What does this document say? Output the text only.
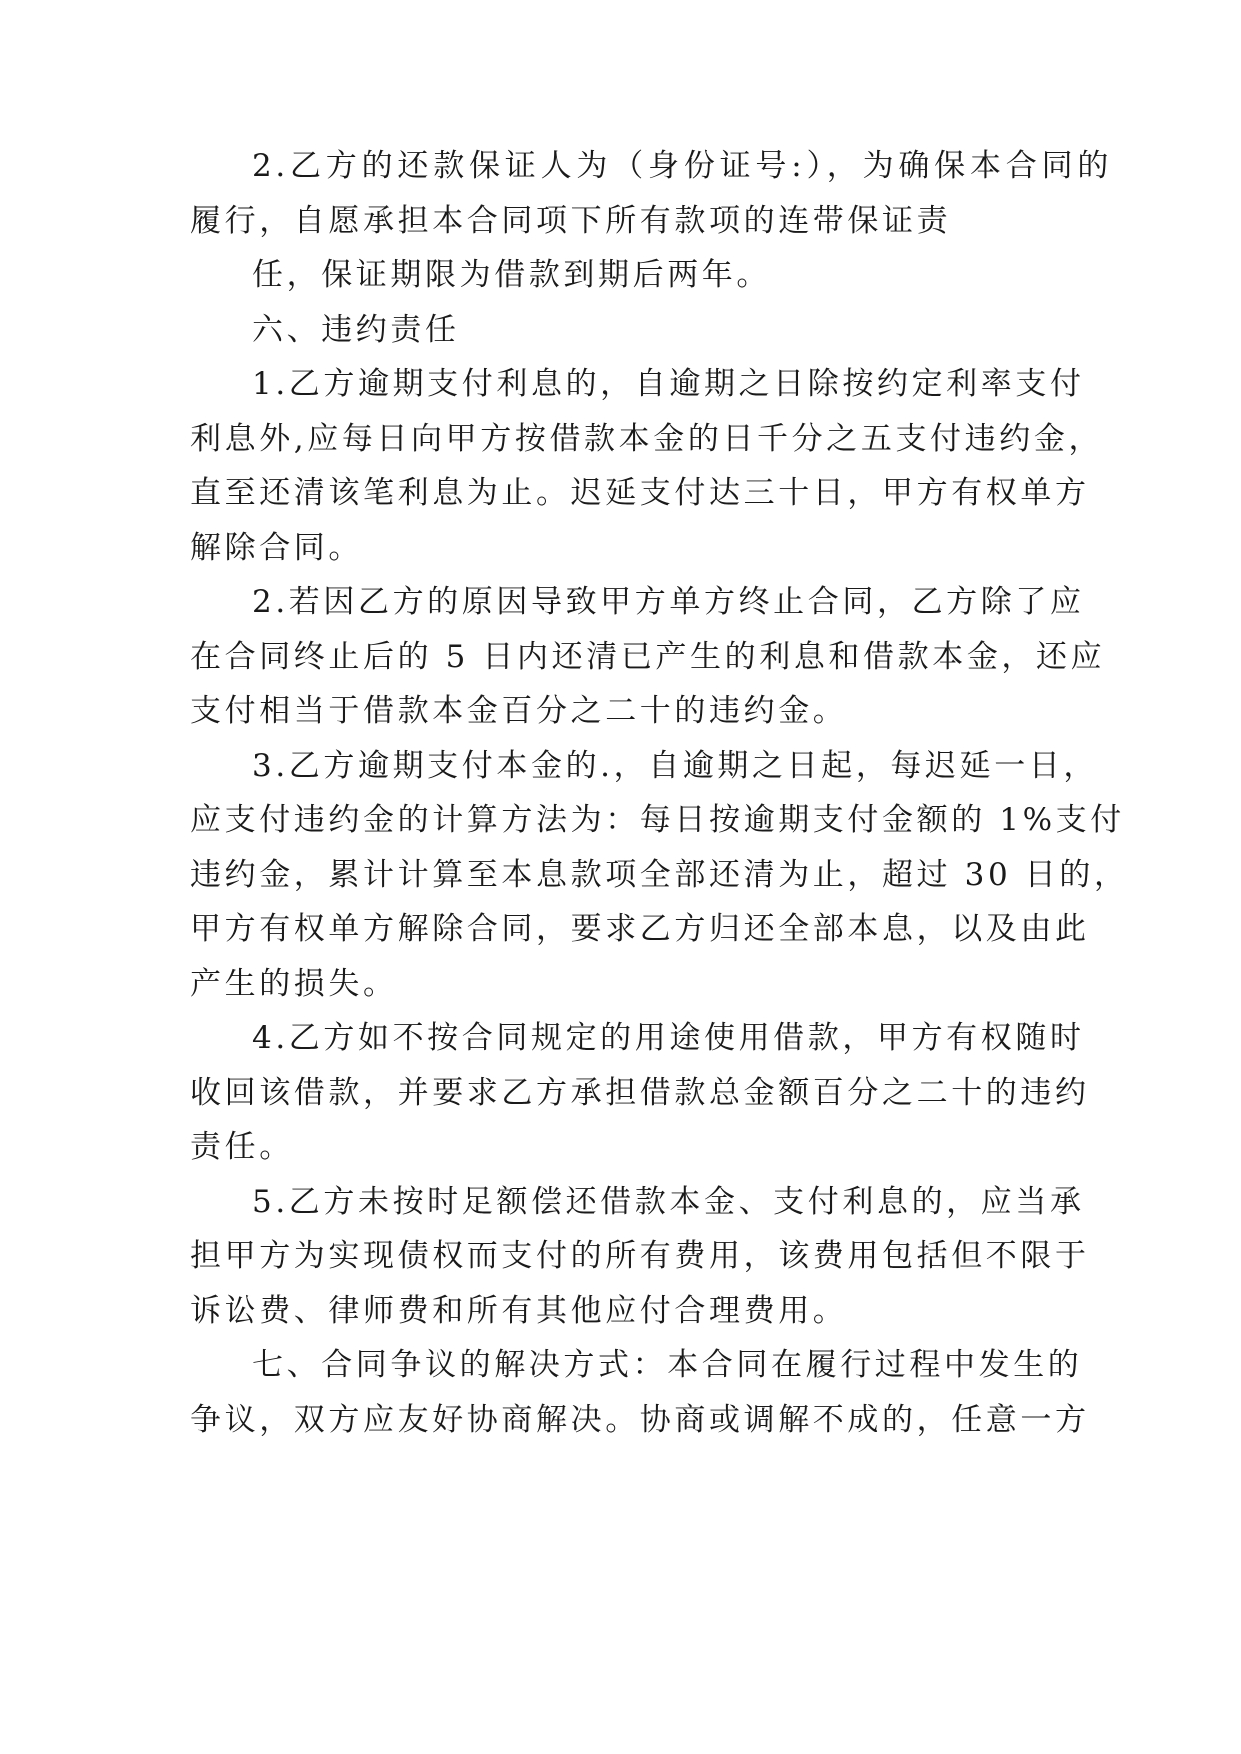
2.乙方的还款保证人为（身份证号:），为确保本合同的
履行，自愿承担本合同项下所有款项的连带保证责
任，保证期限为借款到期后两年。
六、违约责任
1.乙方逾期支付利息的，自逾期之日除按约定利率支付
利息外,应每日向甲方按借款本金的日千分之五支付违约金，
直至还清该笔利息为止。迟延支付达三十日，甲方有权单方
解除合同。
2.若因乙方的原因导致甲方单方终止合同，乙方除了应
在合同终止后的 5 日内还清已产生的利息和借款本金，还应
支付相当于借款本金百分之二十的违约金。
3.乙方逾期支付本金的.，自逾期之日起，每迟延一日，
应支付违约金的计算方法为：每日按逾期支付金额的 1%支付
违约金，累计计算至本息款项全部还清为止，超过 30 日的，
甲方有权单方解除合同，要求乙方归还全部本息，以及由此
产生的损失。
4.乙方如不按合同规定的用途使用借款，甲方有权随时
收回该借款，并要求乙方承担借款总金额百分之二十的违约
责任。
5.乙方未按时足额偿还借款本金、支付利息的，应当承
担甲方为实现债权而支付的所有费用，该费用包括但不限于
诉讼费、律师费和所有其他应付合理费用。
七、合同争议的解决方式：本合同在履行过程中发生的
争议，双方应友好协商解决。协商或调解不成的，任意一方
